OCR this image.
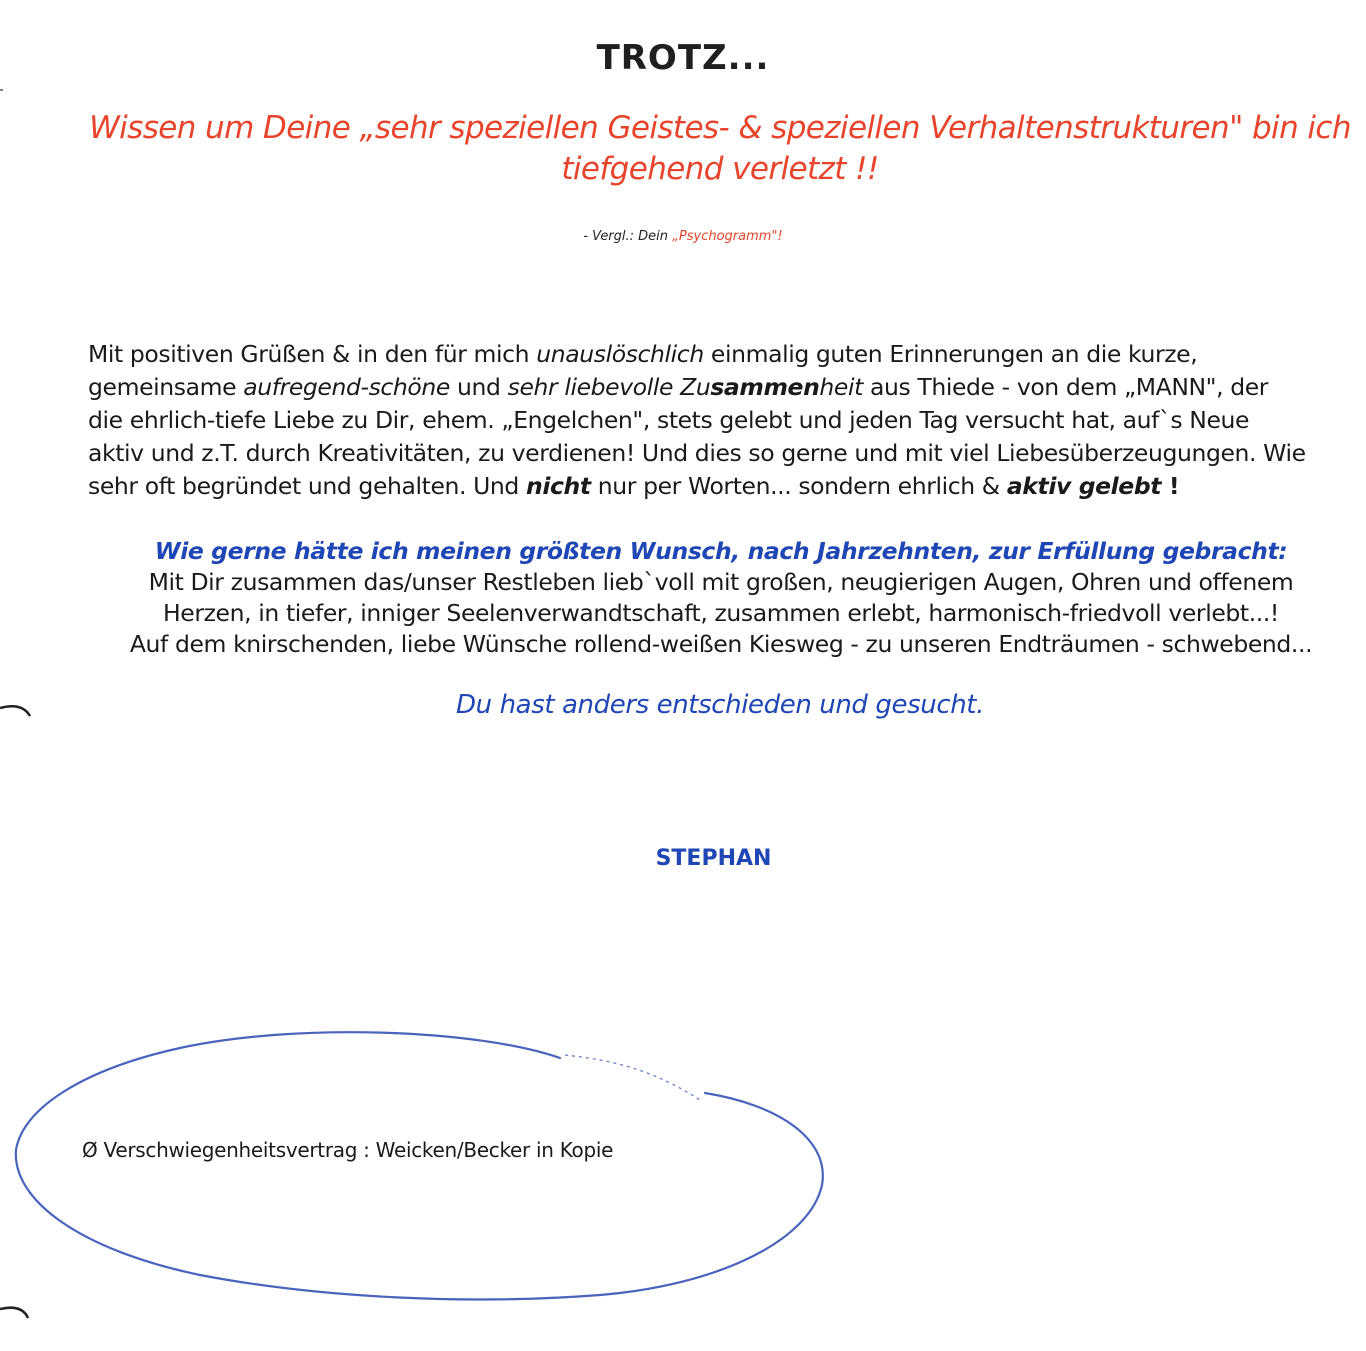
TROTZ...
Wissen um Deine „sehr speziellen Geistes- & speziellen Verhaltenstrukturen" bin ich tiefgehend verletzt !!
- Vergl.: Dein „Psychogramm"!
Mit positiven Grüßen & in den für mich unauslöschlich einmalig guten Erinnerungen an die kurze, gemeinsame aufregend-schöne und sehr liebevolle Zusammenheit aus Thiede - von dem „MANN", der die ehrlich-tiefe Liebe zu Dir, ehem. „Engelchen", stets gelebt und jeden Tag versucht hat, auf`s Neue aktiv und z.T. durch Kreativitäten, zu verdienen! Und dies so gerne und mit viel Liebesüberzeugungen. Wie sehr oft begründet und gehalten. Und nicht nur per Worten... sondern ehrlich & aktiv gelebt !
Wie gerne hätte ich meinen größten Wunsch, nach Jahrzehnten, zur Erfüllung gebracht:
Mit Dir zusammen das/unser Restleben lieb`voll mit großen, neugierigen Augen, Ohren und offenem
Herzen, in tiefer, inniger Seelenverwandtschaft, zusammen erlebt, harmonisch-friedvoll verlebt...!
Auf dem knirschenden, liebe Wünsche rollend-weißen Kiesweg - zu unseren Endträumen - schwebend...
Du hast anders entschieden und gesucht.
STEPHAN
Ø Verschwiegenheitsvertrag : Weicken/Becker in Kopie
